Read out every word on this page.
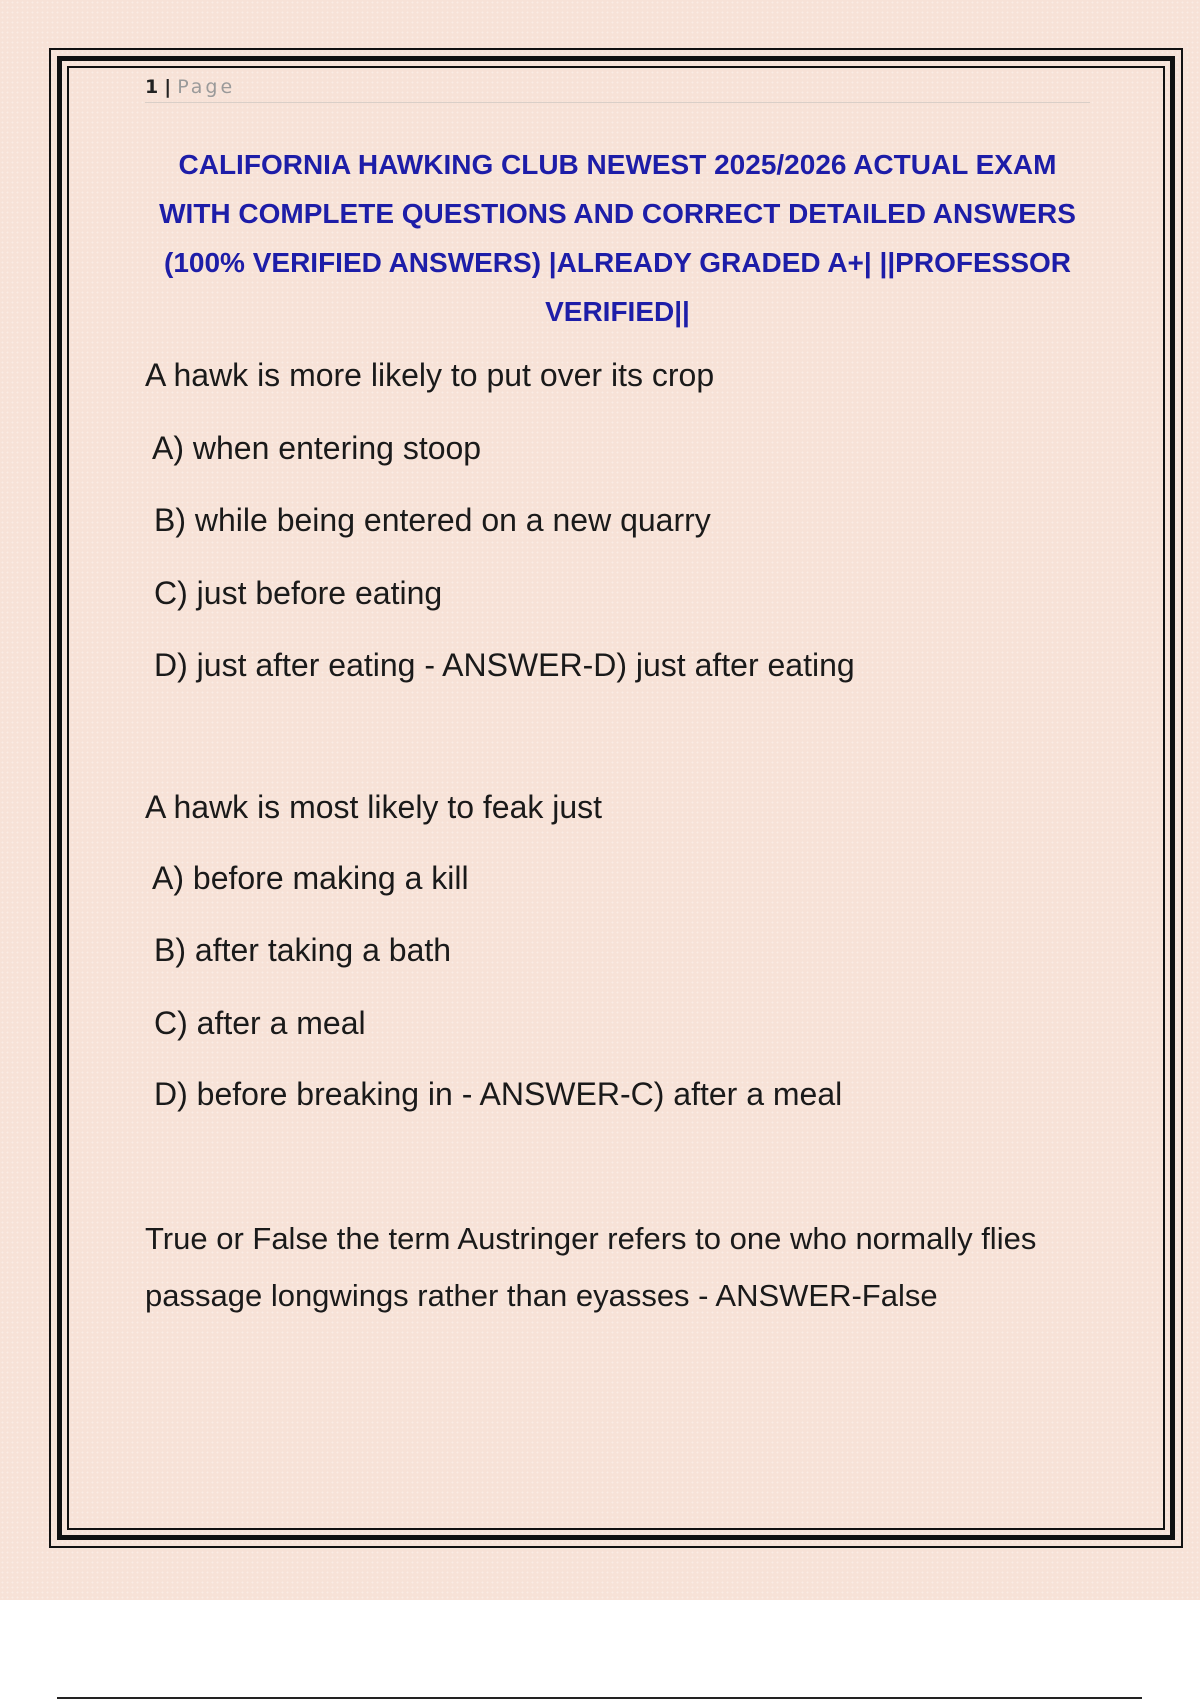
1 | Page
CALIFORNIA HAWKING CLUB NEWEST 2025/2026 ACTUAL EXAM WITH COMPLETE QUESTIONS AND CORRECT DETAILED ANSWERS (100% VERIFIED ANSWERS) |ALREADY GRADED A+| ||PROFESSOR VERIFIED||
A hawk is more likely to put over its crop
A) when entering stoop
B) while being entered on a new quarry
C) just before eating
D) just after eating - ANSWER-D) just after eating
A hawk is most likely to feak just
A) before making a kill
B) after taking a bath
C) after a meal
D) before breaking in - ANSWER-C) after a meal
True or False the term Austringer refers to one who normally flies passage longwings rather than eyasses - ANSWER-False
